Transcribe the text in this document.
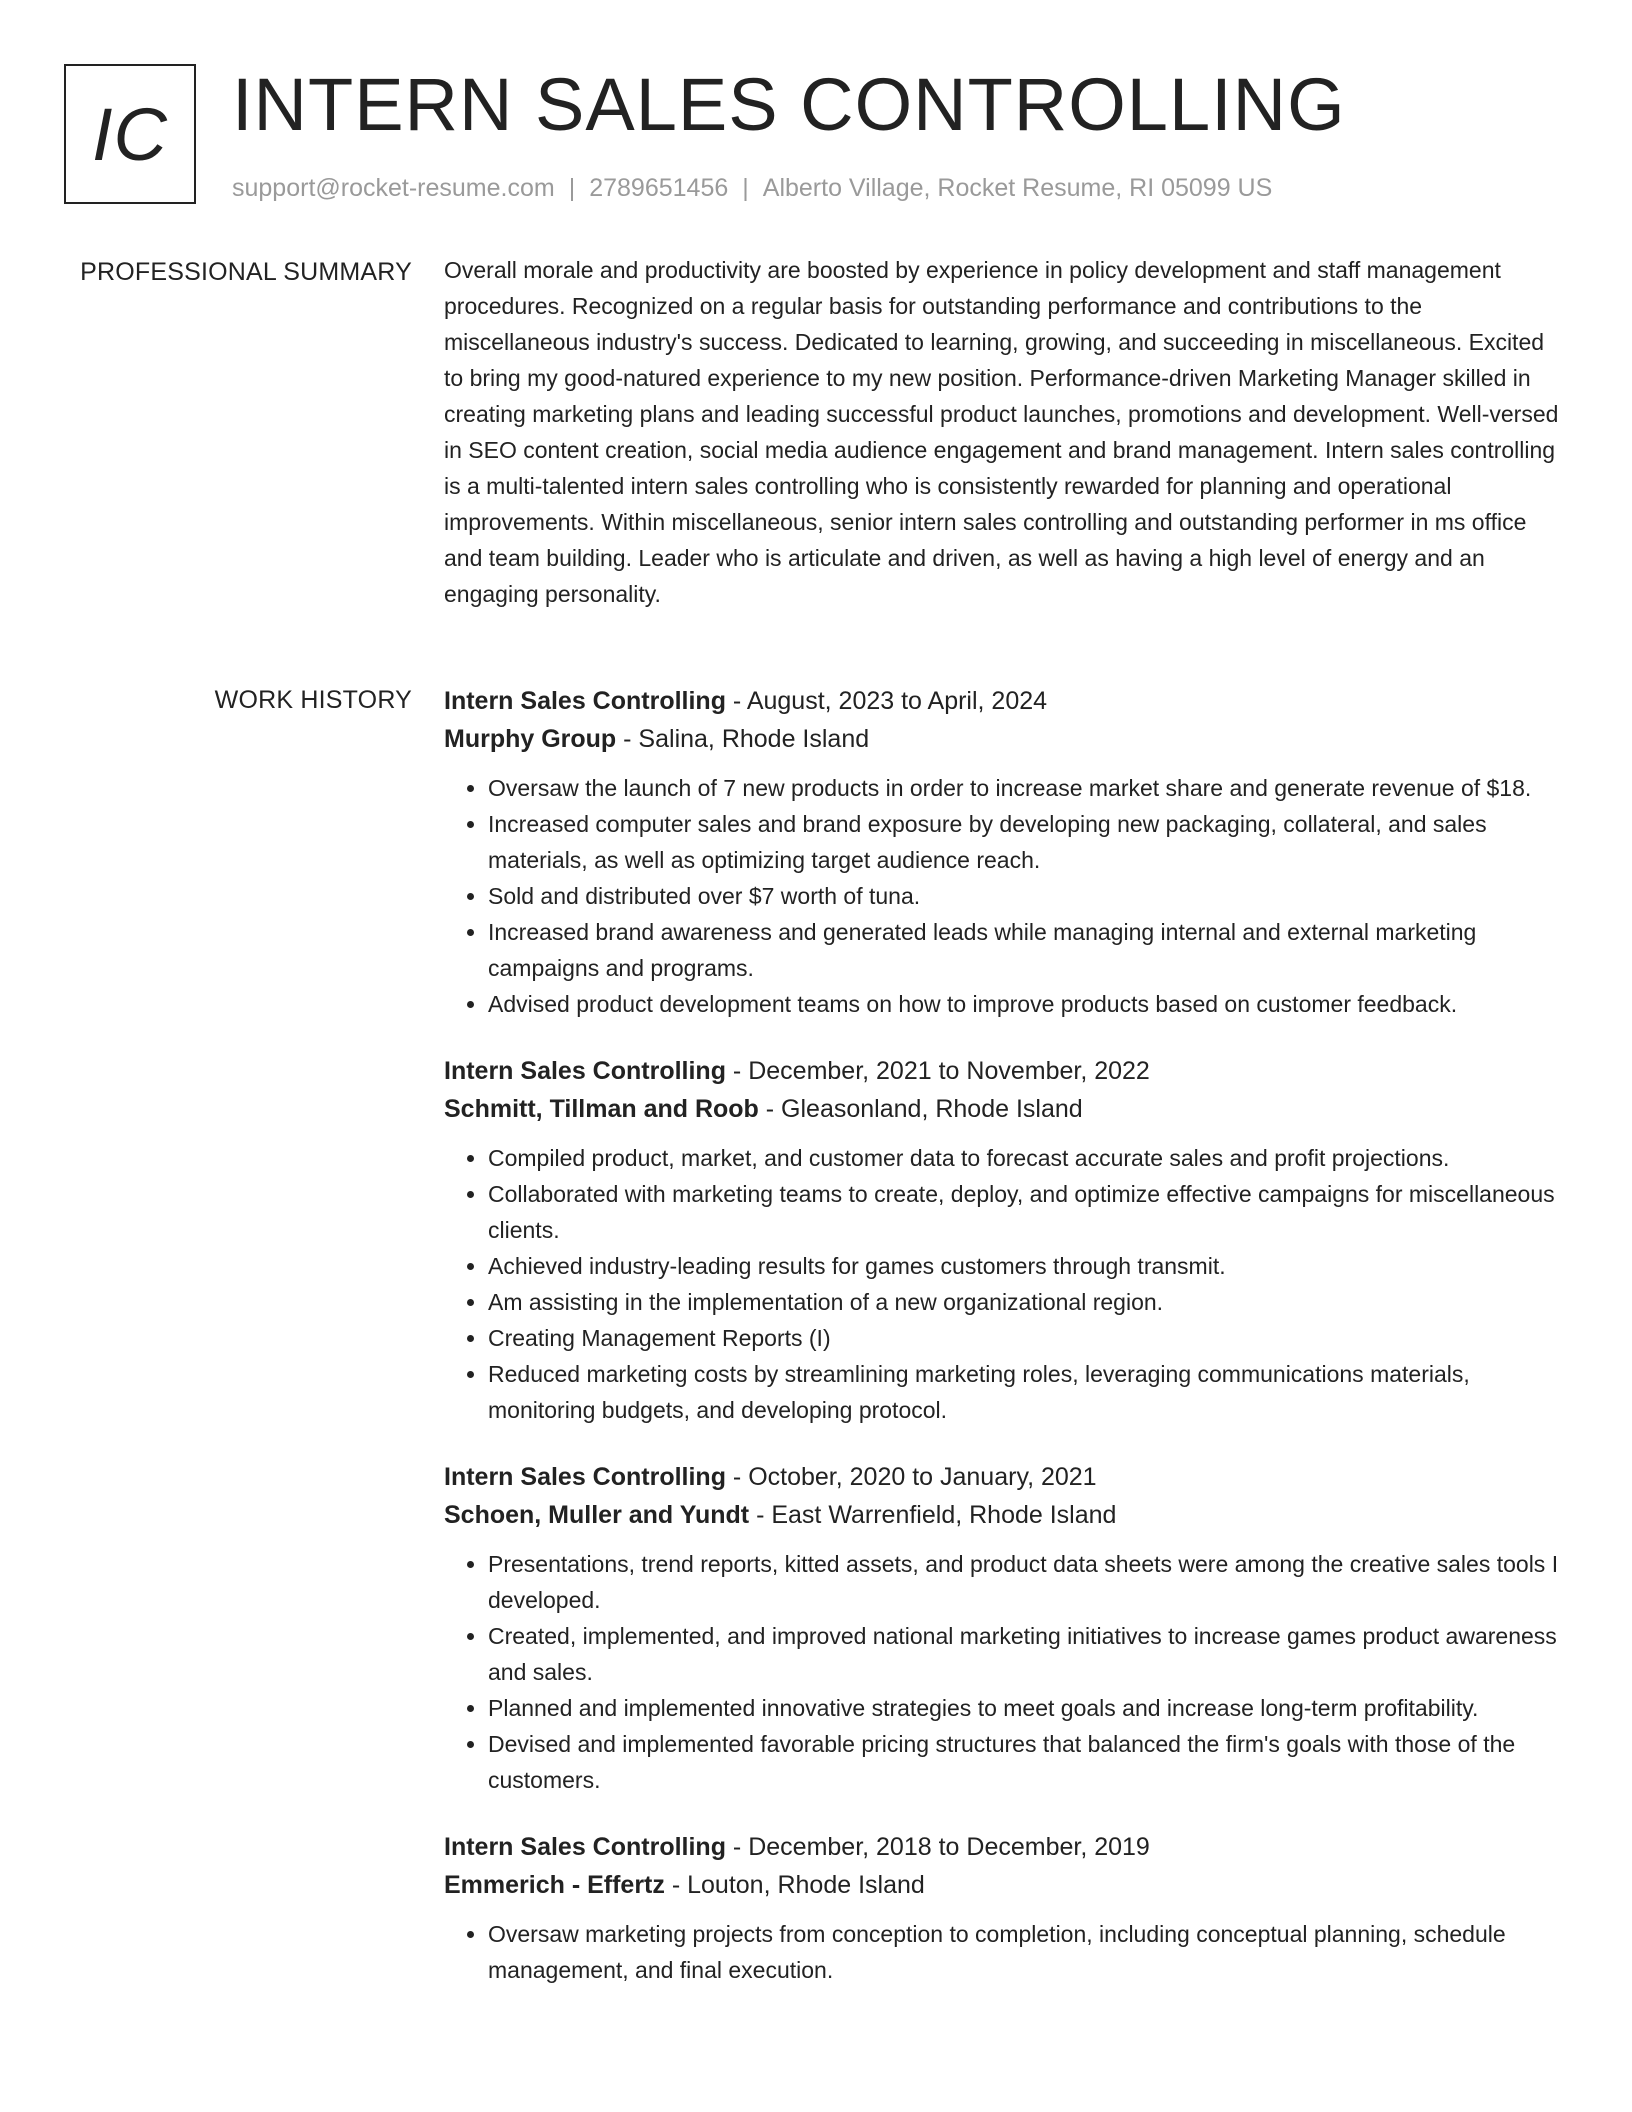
IC INTERN SALES CONTROLLING
support@rocket-resume.com | 2789651456 | Alberto Village, Rocket Resume, RI 05099 US
PROFESSIONAL SUMMARY Overall morale and productivity are boosted by experience in policy development and staff management procedures. Recognized on a regular basis for outstanding performance and contributions to the miscellaneous industry's success. Dedicated to learning, growing, and succeeding in miscellaneous. Excited to bring my good-natured experience to my new position. Performance-driven Marketing Manager skilled in creating marketing plans and leading successful product launches, promotions and development. Well-versed in SEO content creation, social media audience engagement and brand management. Intern sales controlling is a multi-talented intern sales controlling who is consistently rewarded for planning and operational improvements. Within miscellaneous, senior intern sales controlling and outstanding performer in ms office and team building. Leader who is articulate and driven, as well as having a high level of energy and an engaging personality.

WORK HISTORY Intern Sales Controlling - August, 2023 to April, 2024
Murphy Group - Salina, Rhode Island
• Oversaw the launch of 7 new products in order to increase market share and generate revenue of $18.
• Increased computer sales and brand exposure by developing new packaging, collateral, and sales materials, as well as optimizing target audience reach.
• Sold and distributed over $7 worth of tuna.
• Increased brand awareness and generated leads while managing internal and external marketing campaigns and programs.
• Advised product development teams on how to improve products based on customer feedback.
Intern Sales Controlling - December, 2021 to November, 2022
Schmitt, Tillman and Roob - Gleasonland, Rhode Island
• Compiled product, market, and customer data to forecast accurate sales and profit projections.
• Collaborated with marketing teams to create, deploy, and optimize effective campaigns for miscellaneous clients.
• Achieved industry-leading results for games customers through transmit.
• Am assisting in the implementation of a new organizational region.
• Creating Management Reports (I)
• Reduced marketing costs by streamlining marketing roles, leveraging communications materials, monitoring budgets, and developing protocol.
Intern Sales Controlling - October, 2020 to January, 2021
Schoen, Muller and Yundt - East Warrenfield, Rhode Island
• Presentations, trend reports, kitted assets, and product data sheets were among the creative sales tools I developed.
• Created, implemented, and improved national marketing initiatives to increase games product awareness and sales.
• Planned and implemented innovative strategies to meet goals and increase long-term profitability.
• Devised and implemented favorable pricing structures that balanced the firm's goals with those of the customers.
Intern Sales Controlling - December, 2018 to December, 2019
Emmerich - Effertz - Louton, Rhode Island
• Oversaw marketing projects from conception to completion, including conceptual planning, schedule management, and final execution.
